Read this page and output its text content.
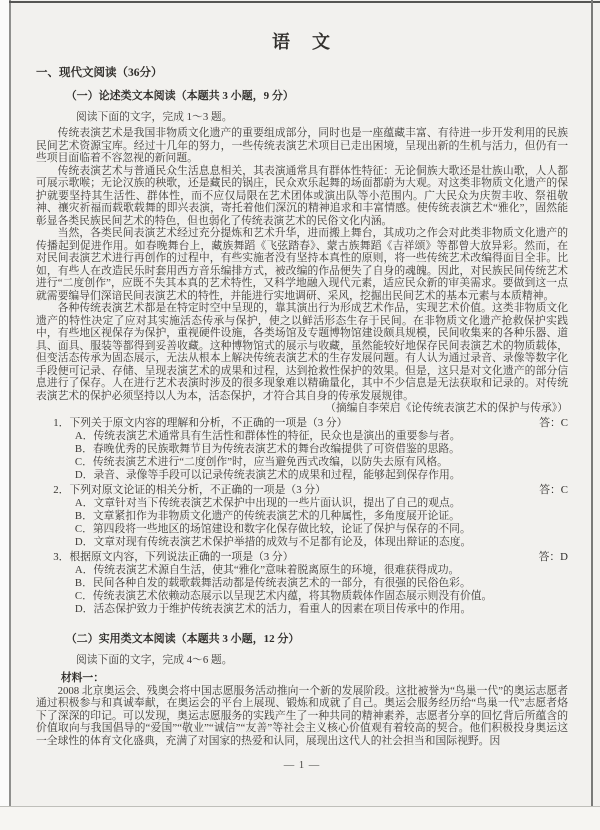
语　文
一、现代文阅读（36分）
（一）论述类文本阅读（本题共 3 小题，9 分）
阅读下面的文字，完成 1～3 题。

传统表演艺术是我国非物质文化遗产的重要组成部分，同时也是一座蕴藏丰富、有待进一步开发利用的民族民间艺术资源宝库。经过十几年的努力，一些传统表演艺术项目已走出困境，呈现出新的生机与活力，但仍有一些项目面临着不容忽视的新问题。

传统表演艺术与普通民众生活息息相关，其表演通常具有群体性特征：无论侗族大歌还是壮族山歌，人人都可展示歌喉；无论汉族的秧歌，还是藏民的锅庄，民众欢乐起舞的场面都蔚为大观。对这类非物质文化遗产的保护就要坚持其生活性、群体性，而不应仅局限在艺术团体或演出队等小范围内。广大民众为庆贺丰收、祭祖敬神、禳灾祈福而载歌载舞的即兴表演，寄托着他们深沉的精神追求和丰富情感。使传统表演艺术“雅化”，固然能彰显各类民族民间艺术的特色，但也弱化了传统表演艺术的民俗文化内涵。

当然，各类民间表演艺术经过充分提炼和艺术升华，进而搬上舞台，其成功之作会对此类非物质文化遗产的传播起到促进作用。如春晚舞台上，藏族舞蹈《飞弦踏春》、蒙古族舞蹈《吉祥颂》等都曾大放异彩。然而，在对民间表演艺术进行再创作的过程中，有些实施者没有坚持本真性的原则，将一些传统艺术改编得面目全非。比如，有些人在改造民乐时套用西方音乐编排方式，被改编的作品便失了自身的魂魄。因此，对民族民间传统艺术进行“二度创作”，应既不失其本真的艺术特性，又科学地融入现代元素，适应民众新的审美需求。要做到这一点就需要编导们深谙民间表演艺术的特性，并能进行实地调研、采风，挖掘出民间艺术的基本元素与本质精神。

各种传统表演艺术都是在特定时空中呈现的，靠其演出行为形成艺术作品，实现艺术价值。这类非物质文化遗产的特性决定了应对其实施活态传承与保护，使之以鲜活形态生存于民间。在非物质文化遗产抢救保护实践中，有些地区视保存为保护，重视硬件设施，各类场馆及专题博物馆建设颇具规模，民间收集来的各种乐器、道具、面具、服装等都得到妥善收藏。这种博物馆式的展示与收藏，虽然能较好地保存民间表演艺术的物质载体，但变活态传承为固态展示，无法从根本上解决传统表演艺术的生存发展问题。有人认为通过录音、录像等数字化手段便可记录、存储、呈现表演艺术的成果和过程，达到抢救性保护的效果。但是，这只是对文化遗产的部分信息进行了保存。人在进行艺术表演时涉及的很多现象难以精确量化，其中不少信息是无法获取和记录的。对传统表演艺术的保护必须坚持以人为本，活态保护，才符合其自身的传承发展规律。

（摘编自李荣启《论传统表演艺术的保护与传承》）
1．下列关于原文内容的理解和分析，不正确的一项是（3 分）	答：C
A．传统表演艺术通常具有生活性和群体性的特征，民众也是演出的重要参与者。
B．春晚优秀的民族歌舞节目为传统表演艺术的舞台改编提供了可资借鉴的思路。
C．传统表演艺术进行“二度创作”时，应当避免西式改编，以防失去原有风格。
D．录音、录像等手段可以记录传统表演艺术的成果和过程，能够起到保存作用。
2．下列对原文论证的相关分析，不正确的一项是（3 分）	答：C
A．文章针对当下传统表演艺术保护中出现的一些片面认识，提出了自己的观点。
B．文章紧扣作为非物质文化遗产的传统表演艺术的几种属性，多角度展开论证。
C．第四段将一些地区的场馆建设和数字化保存做比较，论证了保护与保存的不同。
D．文章对现有传统表演艺术保护举措的成效与不足都有论及，体现出辩证的态度。
3．根据原文内容，下列说法正确的一项是（3 分）	答：D
A．传统表演艺术源自生活，使其“雅化”意味着脱离原生的环境，很难获得成功。
B．民间各种自发的载歌载舞活动都是传统表演艺术的一部分，有很强的民俗色彩。
C．传统表演艺术依赖动态展示以呈现艺术内蕴，将其物质载体作固态展示则没有价值。
D．活态保护致力于维护传统表演艺术的活力，看重人的因素在项目传承中的作用。
（二）实用类文本阅读（本题共 3 小题，12 分）
阅读下面的文字，完成 4～6 题。
材料一：

2008 北京奥运会、残奥会将中国志愿服务活动推向一个新的发展阶段。这批被誉为“鸟巢一代”的奥运志愿者通过积极参与和真诚奉献，在奥运会的平台上展现、锻炼和成就了自己。奥运会服务经历给“鸟巢一代”志愿者烙下了深深的印记。可以发现，奥运志愿服务的实践产生了一种共同的精神素养，志愿者分享的回忆背后所蕴含的价值取向与我国倡导的“爱国”“敬业”“诚信”“友善”等社会主义核心价值观有着较高的契合。他们积极投身奥运这一全球性的体育文化盛典，充满了对国家的热爱和认同，展现出这代人的社会担当和国际视野。因

— 1 —
